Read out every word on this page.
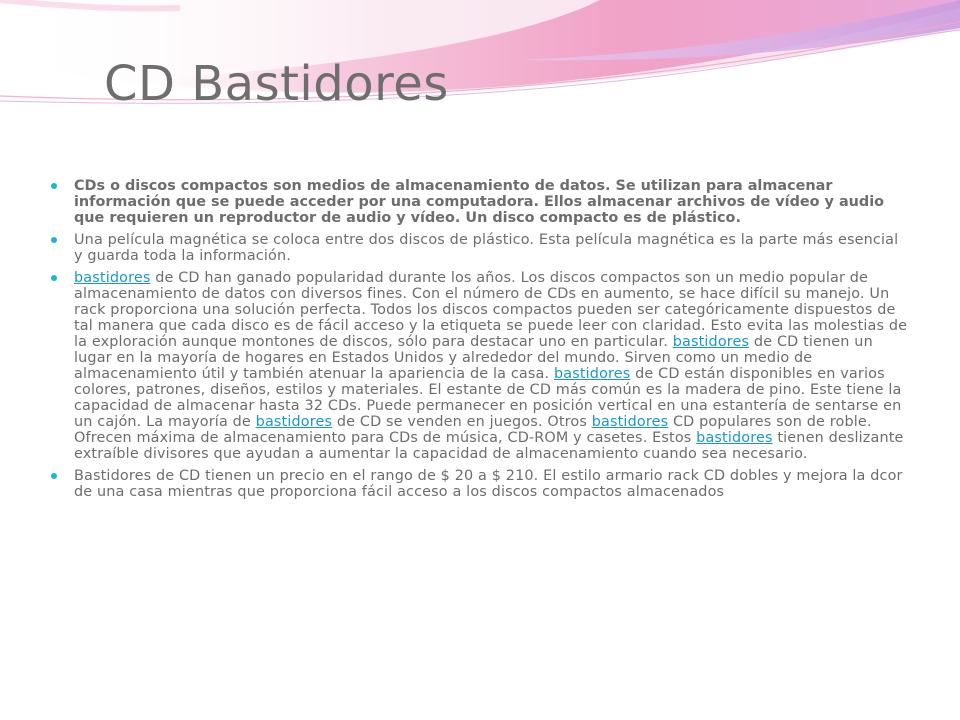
CD Bastidores
CDs o discos compactos son medios de almacenamiento de datos. Se utilizan para almacenar información que se puede acceder por una computadora. Ellos almacenar archivos de vídeo y audio que requieren un reproductor de audio y vídeo. Un disco compacto es de plástico.
Una película magnética se coloca entre dos discos de plástico. Esta película magnética es la parte más esencial y guarda toda la información.
bastidores de CD han ganado popularidad durante los años. Los discos compactos son un medio popular de almacenamiento de datos con diversos fines. Con el número de CDs en aumento, se hace difícil su manejo. Un rack proporciona una solución perfecta. Todos los discos compactos pueden ser categóricamente dispuestos de tal manera que cada disco es de fácil acceso y la etiqueta se puede leer con claridad. Esto evita las molestias de la exploración aunque montones de discos, sólo para destacar uno en particular. bastidores de CD tienen un lugar en la mayoría de hogares en Estados Unidos y alrededor del mundo. Sirven como un medio de almacenamiento útil y también atenuar la apariencia de la casa. bastidores de CD están disponibles en varios colores, patrones, diseños, estilos y materiales. El estante de CD más común es la madera de pino. Este tiene la capacidad de almacenar hasta 32 CDs. Puede permanecer en posición vertical en una estantería de sentarse en un cajón. La mayoría de bastidores de CD se venden en juegos. Otros bastidores CD populares son de roble. Ofrecen máxima de almacenamiento para CDs de música, CD-ROM y casetes. Estos bastidores tienen deslizante extraíble divisores que ayudan a aumentar la capacidad de almacenamiento cuando sea necesario.
Bastidores de CD tienen un precio en el rango de $ 20 a $ 210. El estilo armario rack CD dobles y mejora la dcor de una casa mientras que proporciona fácil acceso a los discos compactos almacenados
